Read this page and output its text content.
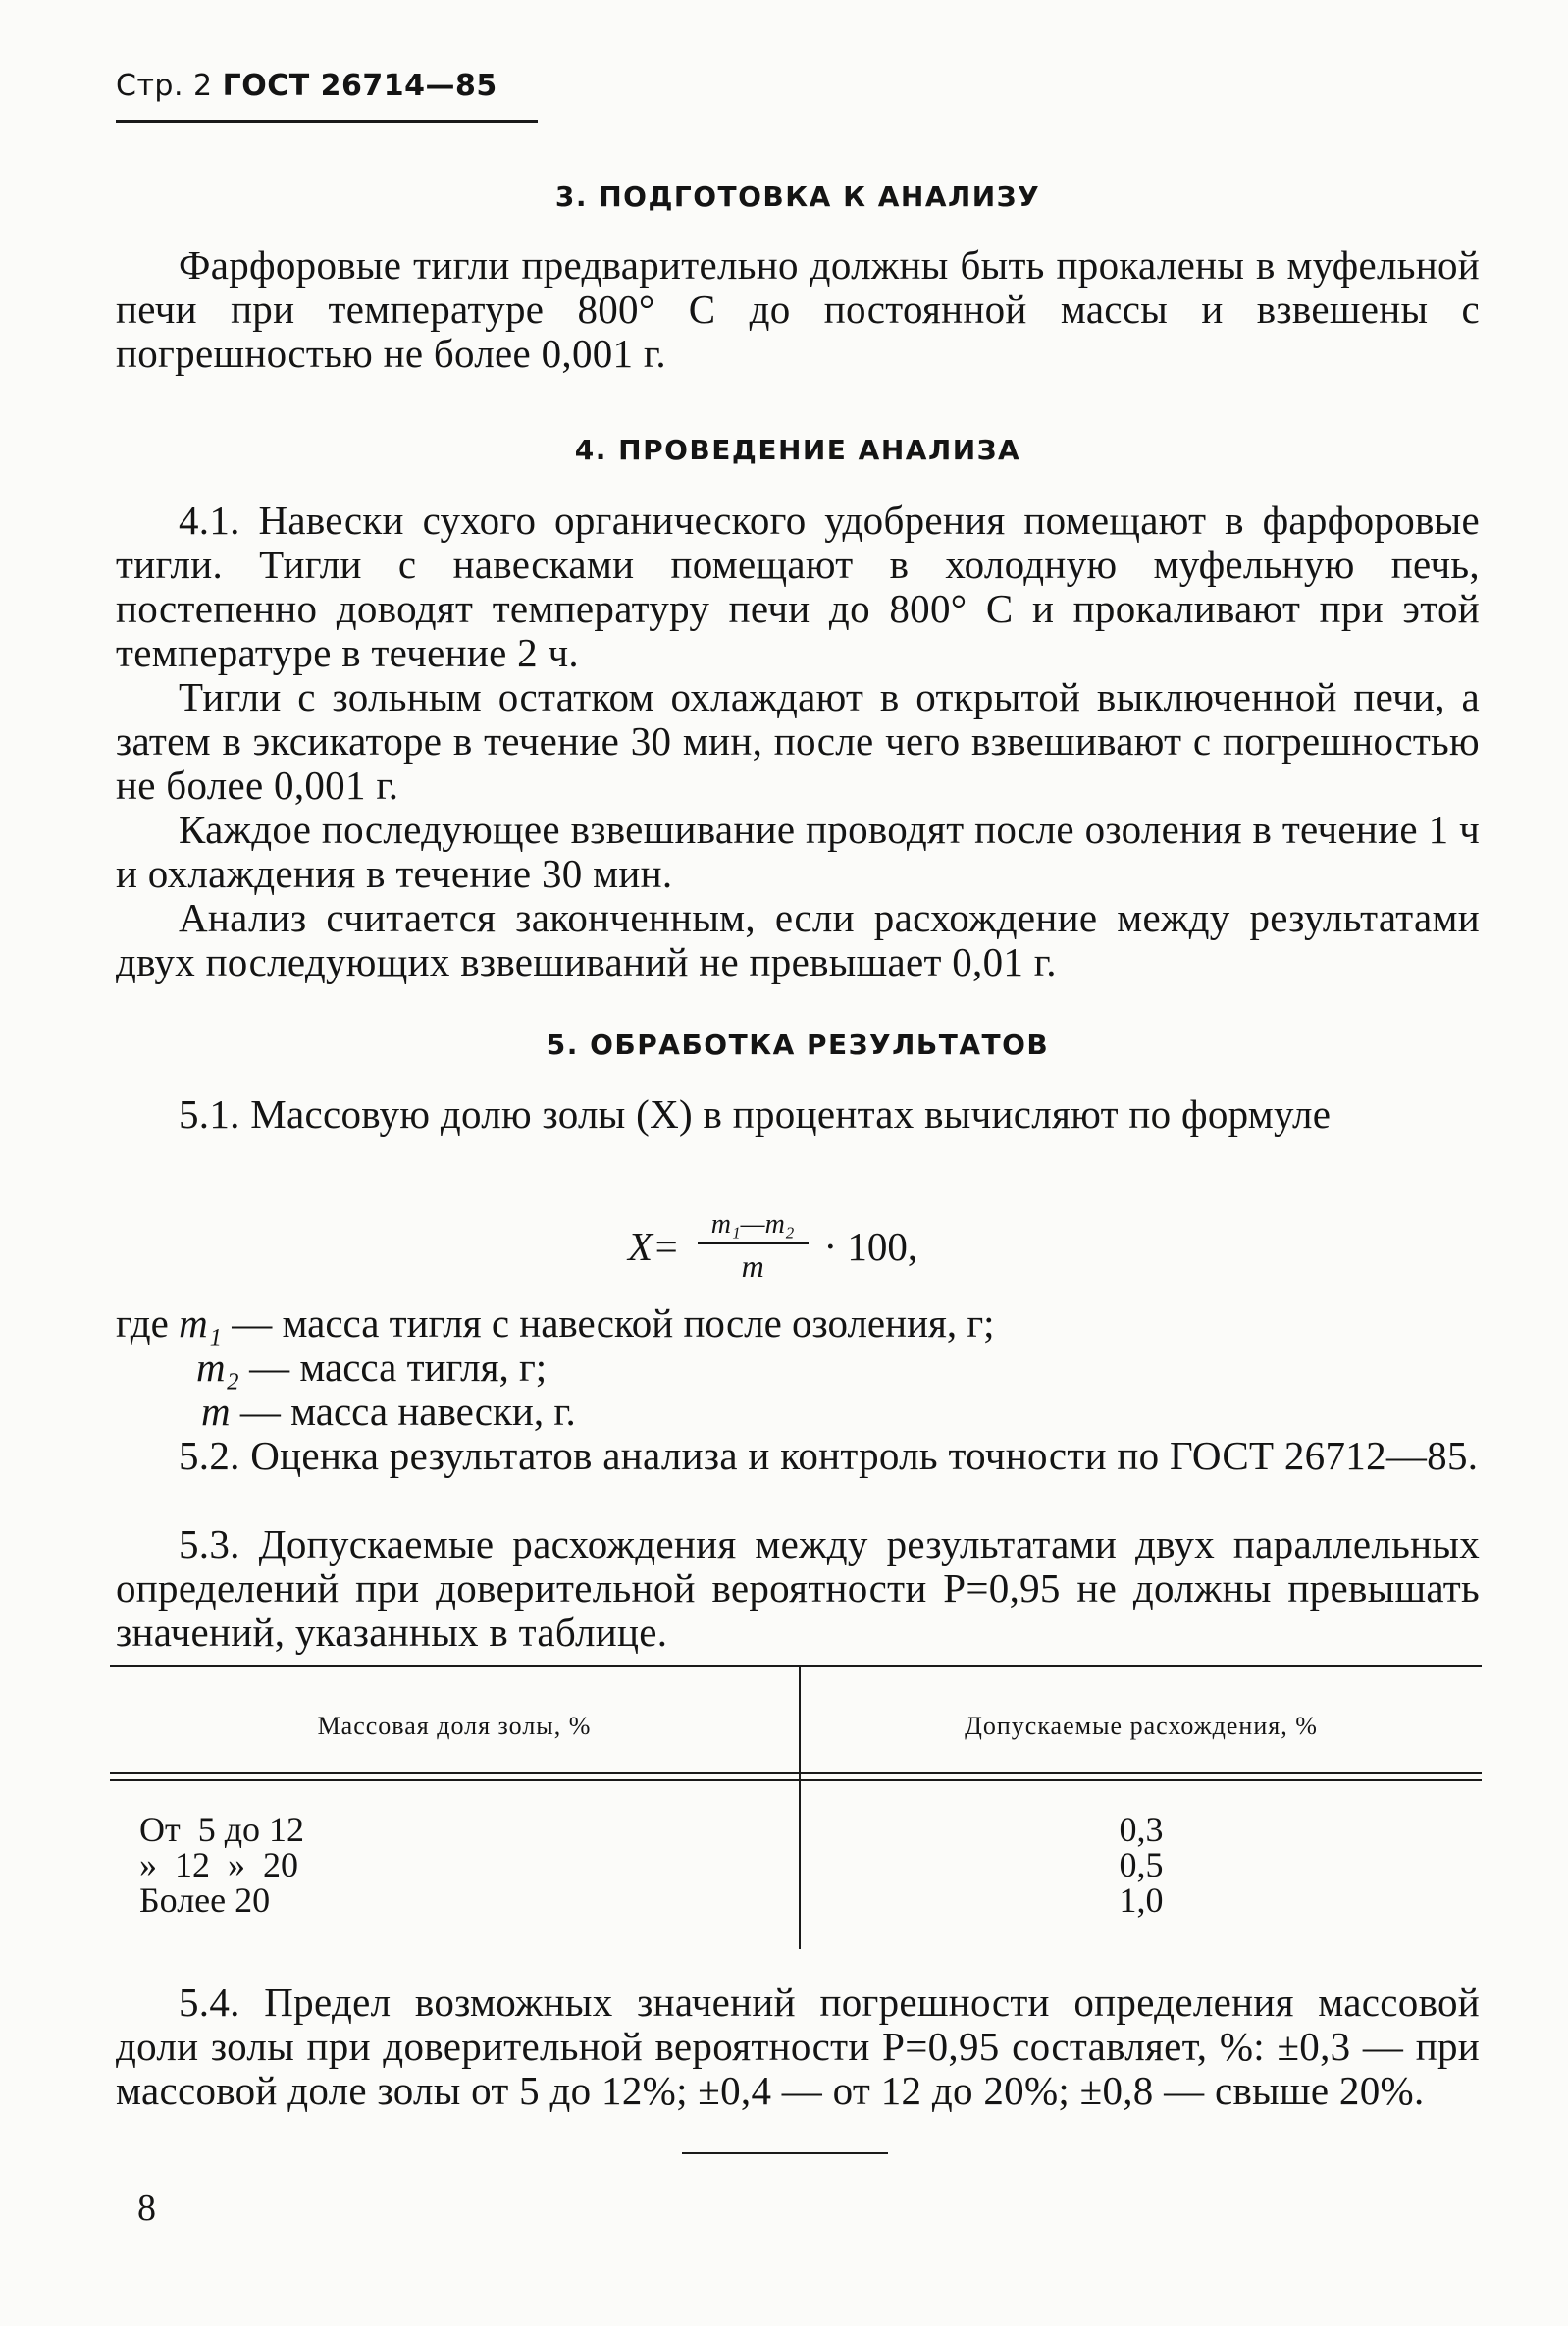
Стр. 2 ГОСТ 26714—85
3. ПОДГОТОВКА К АНАЛИЗУ
Фарфоровые тигли предварительно должны быть прокалены в муфельной печи при температуре 800° С до постоянной массы и взвешены с погрешностью не более 0,001 г.
4. ПРОВЕДЕНИЕ АНАЛИЗА
4.1. Навески сухого органического удобрения помещают в фарфоровые тигли. Тигли с навесками помещают в холодную муфельную печь, постепенно доводят температуру печи до 800° С и прокаливают при этой температуре в течение 2 ч.
Тигли с зольным остатком охлаждают в открытой выключенной печи, а затем в эксикаторе в течение 30 мин, после чего взвешивают с погрешностью не более 0,001 г.
Каждое последующее взвешивание проводят после озоления в течение 1 ч и охлаждения в течение 30 мин.
Анализ считается законченным, если расхождение между результатами двух последующих взвешиваний не превышает 0,01 г.
5. ОБРАБОТКА РЕЗУЛЬТАТОВ
5.1. Массовую долю золы (X) в процентах вычисляют по формуле
$X= \frac{\text{m₁—m₂}}{m} \cdot 100$,
где m₁ — масса тигля с навеской после озоления, г;
m₂ — масса тигля, г;
m — масса навески, г.
5.2. Оценка результатов анализа и контроль точности по ГОСТ 26712—85.
5.3. Допускаемые расхождения между результатами двух параллельных определений при доверительной вероятности P=0,95 не должны превышать значений, указанных в таблице.
Массовая доля золы, %	Допускаемые расхождения, %
От  5 до 12
»  12  »  20
Более 20
0,3
0,5
1,0
5.4. Предел возможных значений погрешности определения массовой доли золы при доверительной вероятности P=0,95 составляет, %: ±0,3 — при массовой доле золы от 5 до 12%; ±0,4 — от 12 до 20%; ±0,8 — свыше 20%.
8
